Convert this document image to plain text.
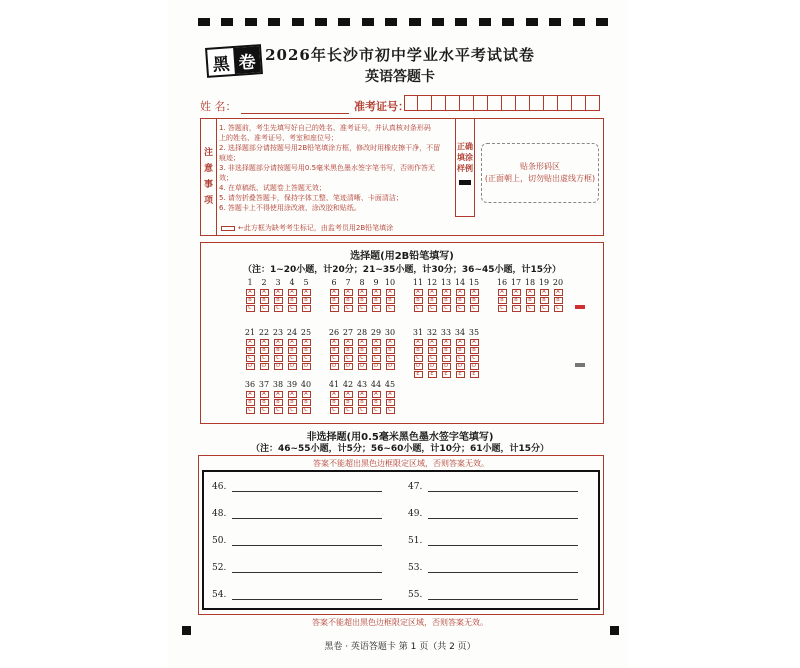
黑 卷 2026年长沙市初中学业水平考试试卷
英语答题卡
姓 名：	准考证号：
注
意
事
项
1. 答题前，考生先填写好自己的姓名、准考证号，并认真核对条形码
上的姓名、准考证号、考室和座位号；
2. 选择题部分请按题号用2B铅笔填涂方框，修改时用橡皮擦干净，不留
痕迹；
3. 非选择题部分请按题号用0.5毫米黑色墨水签字笔书写，否则作答无
效；
4. 在草稿纸、试题卷上答题无效；
5. 请勿折叠答题卡，保持字体工整、笔迹清晰、卡面清洁；
6. 答题卡上不得使用涂改液、涂改胶和贴纸。
←此方框为缺考考生标记，由监考员用2B铅笔填涂
正确
填涂
样例	贴条形码区
(正面朝上，切勿贴出虚线方框)
选择题(用2B铅笔填写)
（注：1~20小题，计20分；21~35小题，计30分；36~45小题，计15分）
1
A
B
C
2
A
B
C
3
A
B
C
4
A
B
C
5
A
B
C
6
A
B
C
7
A
B
C
8
A
B
C
9
A
B
C
10
A
B
C
11
A
B
C
12
A
B
C
13
A
B
C
14
A
B
C
15
A
B
C
16
A
B
C
17
A
B
C
18
A
B
C
19
A
B
C
20
A
B
C
21
A
B
C
D
22
A
B
C
D
23
A
B
C
D
24
A
B
C
D
25
A
B
C
D
26
A
B
C
D
27
A
B
C
D
28
A
B
C
D
29
A
B
C
D
30
A
B
C
D
31
A
B
C
D
E
32
A
B
C
D
E
33
A
B
C
D
E
34
A
B
C
D
E
35
A
B
C
D
E
36
A
B
C
37
A
B
C
38
A
B
C
39
A
B
C
40
A
B
C
41
A
B
C
42
A
B
C
43
A
B
C
44
A
B
C
45
A
B
C
非选择题(用0.5毫米黑色墨水签字笔填写)
（注：46~55小题，计5分；56~60小题，计10分；61小题，计15分）
答案不能超出黑色边框限定区域，否则答案无效。
46.	47.
48.	49.
50.	51.
52.	53.
54.	55.
答案不能超出黑色边框限定区域，否则答案无效。
黑卷 · 英语答题卡 第 1 页（共 2 页）
